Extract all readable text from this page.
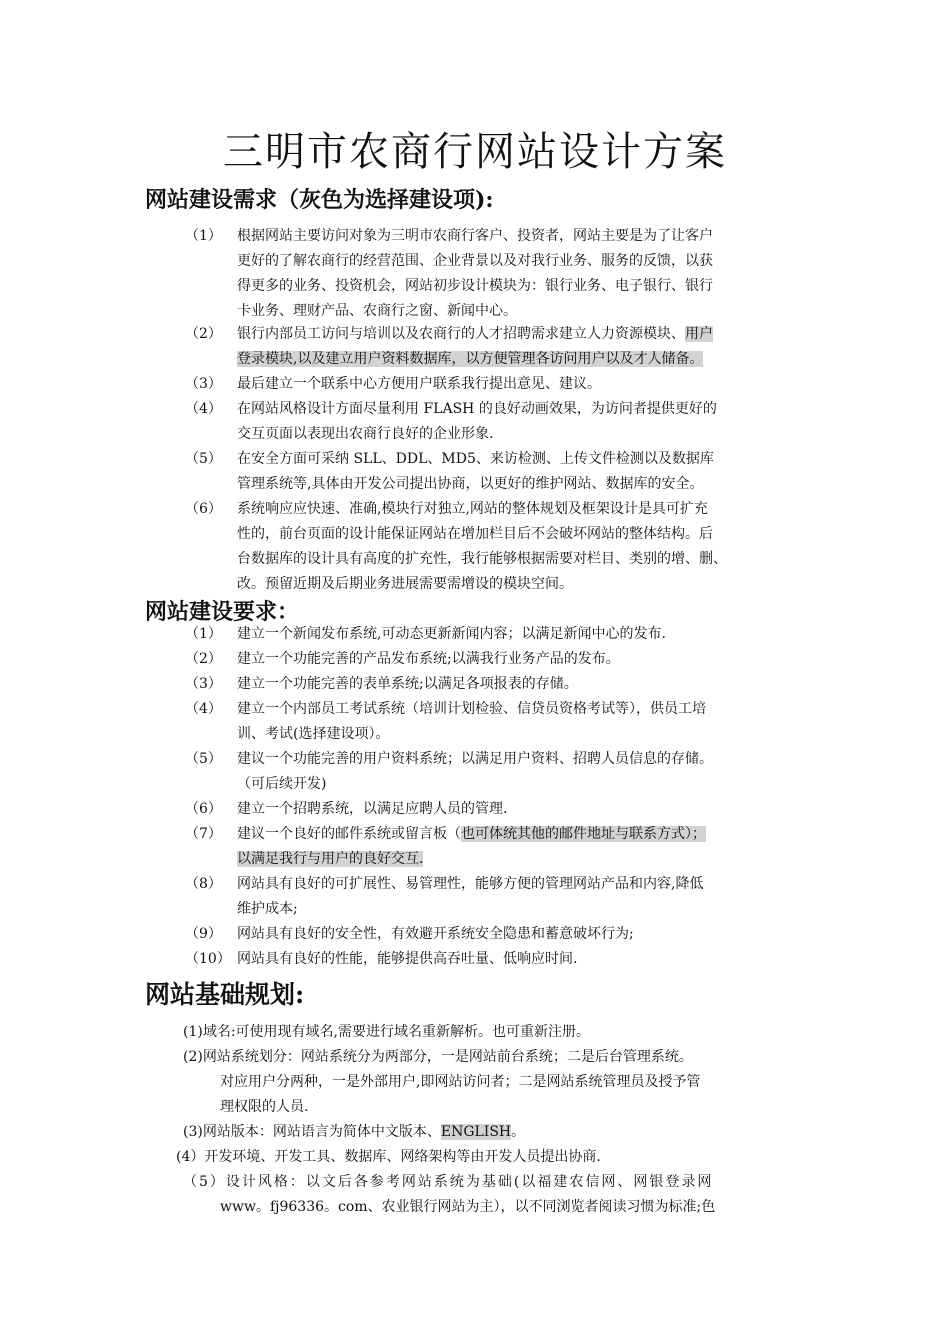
三明市农商行网站设计方案
网站建设需求（灰色为选择建设项):
（1）	根据网站主要访问对象为三明市农商行客户、投资者，网站主要是为了让客户
更好的了解农商行的经营范围、企业背景以及对我行业务、服务的反馈，以获
得更多的业务、投资机会，网站初步设计模块为：银行业务、电子银行、银行
卡业务、理财产品、农商行之窗、新闻中心。
（2）	银行内部员工访问与培训以及农商行的人才招聘需求建立人力资源模块、用户
登录模块,以及建立用户资料数据库，以方便管理各访问用户以及才人储备。
（3）	最后建立一个联系中心方便用户联系我行提出意见、建议。
（4）	在网站风格设计方面尽量利用 FLASH 的良好动画效果，为访问者提供更好的
交互页面以表现出农商行良好的企业形象.
（5）	在安全方面可采纳 SLL、DDL、MD5、来访检测、上传文件检测以及数据库
管理系统等,具体由开发公司提出协商，以更好的维护网站、数据库的安全。
（6）	系统响应应快速、准确,模块行对独立,网站的整体规划及框架设计是具可扩充
性的，前台页面的设计能保证网站在增加栏目后不会破坏网站的整体结构。后
台数据库的设计具有高度的扩充性，我行能够根据需要对栏目、类别的增、删、
改。预留近期及后期业务进展需要需增设的模块空间。
网站建设要求：
（1）	建立一个新闻发布系统,可动态更新新闻内容；以满足新闻中心的发布.
（2）	建立一个功能完善的产品发布系统;以满我行业务产品的发布。
（3）	建立一个功能完善的表单系统;以满足各项报表的存储。
（4）	建立一个内部员工考试系统（培训计划检验、信贷员资格考试等），供员工培
训、考试(选择建设项）。
（5）	建议一个功能完善的用户资料系统；以满足用户资料、招聘人员信息的存储。
（可后续开发)
（6）	建立一个招聘系统，以满足应聘人员的管理.
（7）	建议一个良好的邮件系统或留言板（也可体统其他的邮件地址与联系方式）；
以满足我行与用户的良好交互.
（8）	网站具有良好的可扩展性、易管理性，能够方便的管理网站产品和内容,降低
维护成本;
（9）	网站具有良好的安全性，有效避开系统安全隐患和蓄意破坏行为;
（10） 网站具有良好的性能，能够提供高吞吐量、低响应时间.
网站基础规划:
(1)域名:可使用现有域名,需要进行域名重新解析。也可重新注册。
(2)网站系统划分：网站系统分为两部分，一是网站前台系统；二是后台管理系统。
对应用户分两种，一是外部用户,即网站访问者；二是网站系统管理员及授予管
理权限的人员.
(3)网站版本：网站语言为简体中文版本、ENGLISH。
(4）开发环境、开发工具、数据库、网络架构等由开发人员提出协商.
（5）设计风格：以文后各参考网站系统为基础(以福建农信网、网银登录网
www。fj96336。com、农业银行网站为主），以不同浏览者阅读习惯为标准;色
